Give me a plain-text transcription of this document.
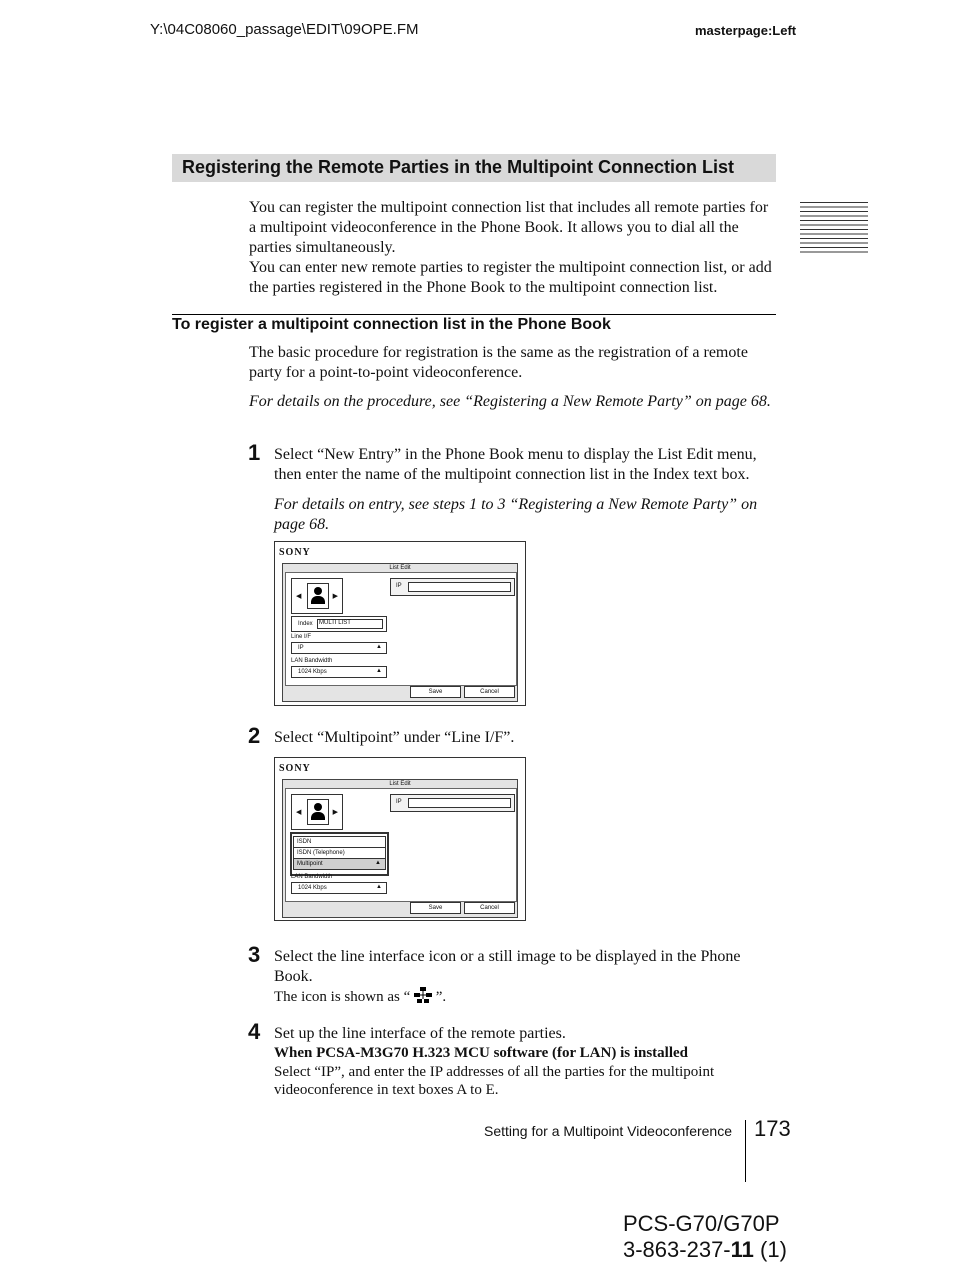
Y:\04C08060_passage\EDIT\09OPE.FM	masterpage:Left
Registering the Remote Parties in the Multipoint Connection List

You can register the multipoint connection list that includes all remote parties for a multipoint videoconference in the Phone Book. It allows you to dial all the parties simultaneously.

You can enter new remote parties to register the multipoint connection list, or add the parties registered in the Phone Book to the multipoint connection list.

To register a multipoint connection list in the Phone Book
The basic procedure for registration is the same as the registration of a remote party for a point-to-point videoconference.
For details on the procedure, see “Registering a New Remote Party” on page 68.
1 Select “New Entry” in the Phone Book menu to display the List Edit menu, then enter the name of the multipoint connection list in the Index text box.
For details on entry, see steps 1 to 3 “Registering a New Remote Party” on page 68.
SONY
List Edit
◀	▶
IP
Index MULTI LIST
Line I/F
IP	▲
LAN Bandwidth
1024 Kbps	▲
Save	Cancel
2 Select “Multipoint” under “Line I/F”.
SONY
List Edit
◀	▶
IP
ISDN
ISDN (Telephone)
Multipoint	▲
LAN Bandwidth
1024 Kbps	▲
Save	Cancel
3 Select the line interface icon or a still image to be displayed in the Phone Book.
The icon is shown as “ ”.
4 Set up the line interface of the remote parties.
When PCSA-M3G70 H.323 MCU software (for LAN) is installed
Select “IP”, and enter the IP addresses of all the parties for the multipoint videoconference in text boxes A to E.
Setting for a Multipoint Videoconference 173
PCS-G70/G70P
3-863-237-11 (1)
